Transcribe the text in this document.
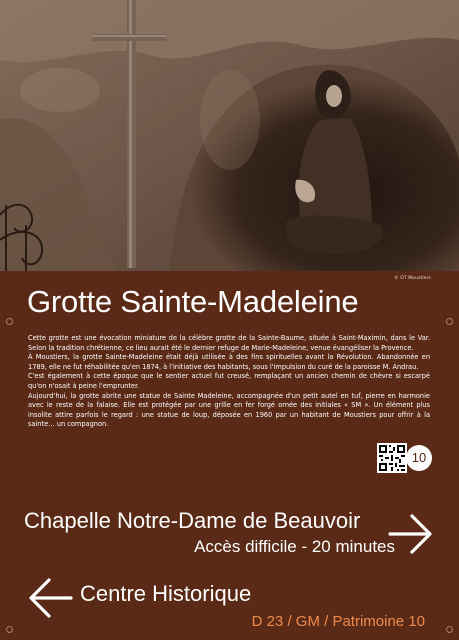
© OT Moustiers
Grotte Sainte-Madeleine

Cette grotte est une évocation miniature de la célèbre grotte de la Sainte-Baume, située à Saint-Maximin, dans le Var. Selon la tradition chrétienne, ce lieu aurait été le dernier refuge de Marie-Madeleine, venue évangéliser la Provence.

À Moustiers, la grotte Sainte-Madeleine était déjà utilisée à des fins spirituelles avant la Révolution. Abandonnée en 1789, elle ne fut réhabilitée qu'en 1874, à l'initiative des habitants, sous l'impulsion du curé de la paroisse M. Andrau.

C'est également à cette époque que le sentier actuel fut creusé, remplaçant un ancien chemin de chèvre si escarpé qu'on n'osait à peine l'emprunter.

Aujourd'hui, la grotte abrite une statue de Sainte Madeleine, accompagnée d'un petit autel en tuf, pierre en harmonie avec le reste de la falaise. Elle est protégée par une grille en fer forgé ornée des initiales « SM ». Un élément plus insolite attire parfois le regard : une statue de loup, déposée en 1960 par un habitant de Moustiers pour offrir à la sainte… un compagnon.

10
Chapelle Notre-Dame de Beauvoir
Accès difficile - 20 minutes
Centre Historique
D 23 / GM / Patrimoine 10
